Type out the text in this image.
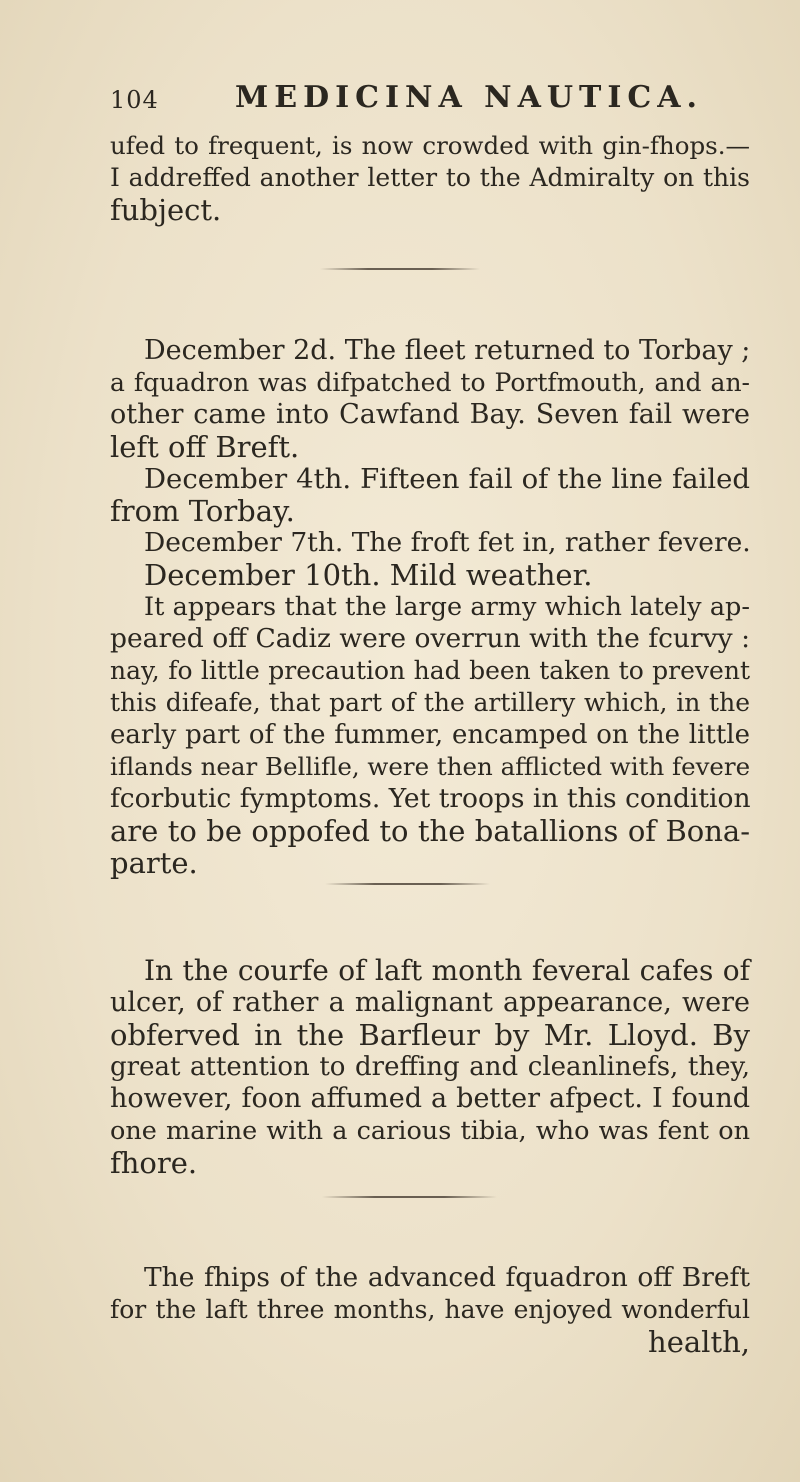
104	MEDICINA NAUTICA.
ufed to frequent, is now crowded with gin-fhops.—
I addreffed another letter to the Admiralty on this
fubject.
December 2d. The fleet returned to Torbay ;
a fquadron was difpatched to Portfmouth, and an-
other came into Cawfand Bay. Seven fail were
left off Breft.
December 4th. Fifteen fail of the line failed
from Torbay.
December 7th. The froft fet in, rather fevere.
December 10th. Mild weather.
It appears that the large army which lately ap-
peared off Cadiz were overrun with the fcurvy :
nay, fo little precaution had been taken to prevent
this difeafe, that part of the artillery which, in the
early part of the fummer, encamped on the little
iflands near Belliflе, were then afflicted with fevere
fcorbutic fymptoms. Yet troops in this condition
are to be oppofed to the batallions of Bona-
parte.
In the courfe of laft month feveral cafes of
ulcer, of rather a malignant appearance, were
obferved in the Barfleur by Mr. Lloyd. By
great attention to dreffing and cleanlinefs, they,
however, foon affumed a better afpect. I found
one marine with a carious tibia, who was fent on
fhore.
The fhips of the advanced fquadron off Breft
for the laft three months, have enjoyed wonderful
health,
